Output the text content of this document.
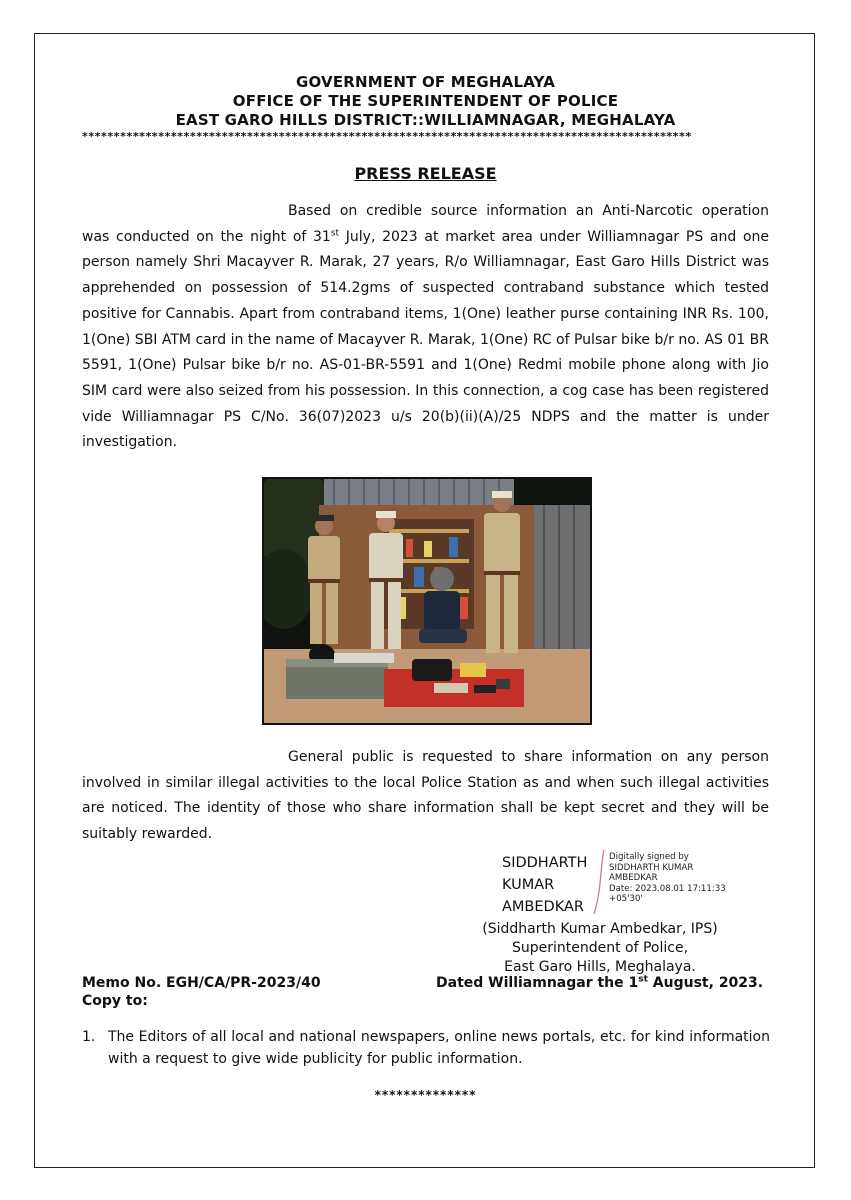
GOVERNMENT OF MEGHALAYA
OFFICE OF THE SUPERINTENDENT OF POLICE
EAST GARO HILLS DISTRICT::WILLIAMNAGAR, MEGHALAYA
************************************************************************************************
PRESS RELEASE

Based on credible source information an Anti-Narcotic operation was conducted on the night of 31st July, 2023 at market area under Williamnagar PS and one person namely Shri Macayver R. Marak, 27 years, R/o Williamnagar, East Garo Hills District was apprehended on possession of 514.2gms of suspected contraband substance which tested positive for Cannabis. Apart from contraband items, 1(One) leather purse containing INR Rs. 100, 1(One) SBI ATM card in the name of Macayver R. Marak, 1(One) RC of Pulsar bike b/r no. AS 01 BR 5591, 1(One) Pulsar bike b/r no. AS-01-BR-5591 and 1(One) Redmi mobile phone along with Jio SIM card were also seized from his possession. In this connection, a cog case has been registered vide Williamnagar PS C/No. 36(07)2023 u/s 20(b)(ii)(A)/25 NDPS and the matter is under investigation.

General public is requested to share information on any person involved in similar illegal activities to the local Police Station as and when such illegal activities are noticed. The identity of those who share information shall be kept secret and they will be suitably rewarded.

SIDDHARTH
KUMAR
AMBEDKAR
Digitally signed by
SIDDHARTH KUMAR
AMBEDKAR
Date: 2023.08.01 17:11:33
+05'30'
(Siddharth Kumar Ambedkar, IPS)
Superintendent of Police,
East Garo Hills, Meghalaya.
Memo No. EGH/CA/PR-2023/40	Dated Williamnagar the 1st August, 2023.
Copy to:
1. The Editors of all local and national newspapers, online news portals, etc. for kind information with a request to give wide publicity for public information.
**************
